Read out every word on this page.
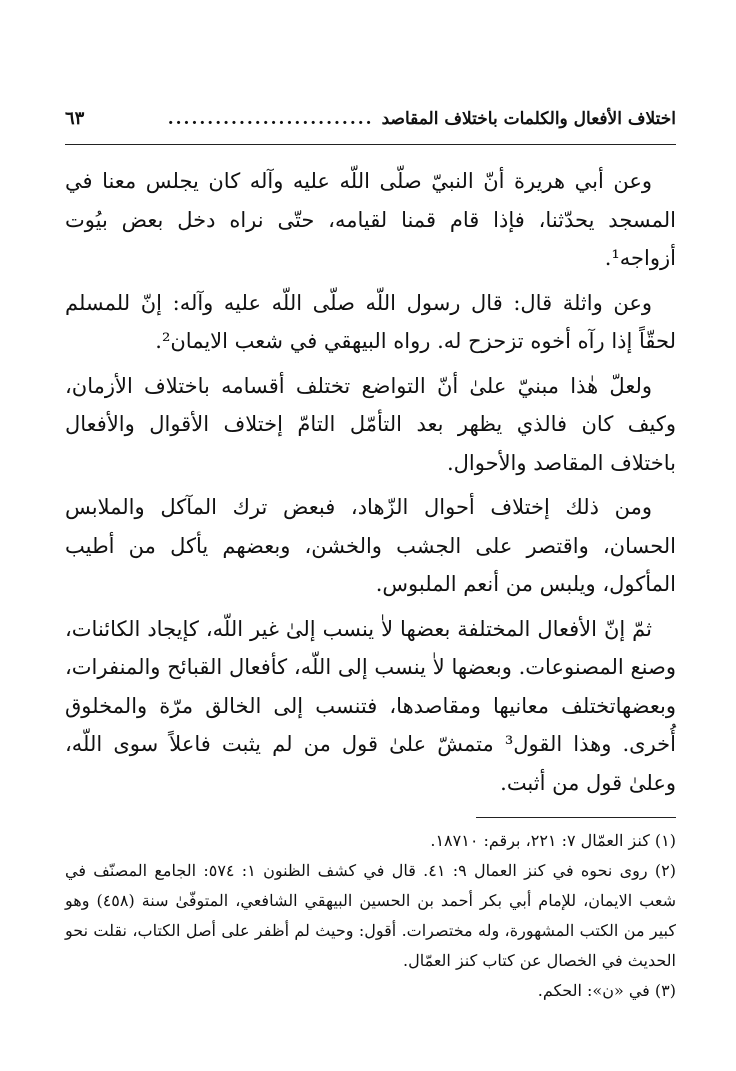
اختلاف الأفعال والكلمات باختلاف المقاصد
..........................
٦٣

وعن أبي هريرة أنّ النبيّ صلّى اللّه عليه وآله كان يجلس معنا في المسجد يحدّثنا، فإذا قام قمنا لقيامه، حتّى نراه دخل بعض بيُوت أزواجه¹.

وعن واثلة قال: قال رسول اللّه صلّى اللّه عليه وآله: إنّ للمسلم لحقّاً إذا رآه أخوه تزحزح له. رواه البيهقي في شعب الايمان².

ولعلّ هٰذا مبنيّ علىٰ أنّ التواضع تختلف أقسامه باختلاف الأزمان، وكيف كان فالذي يظهر بعد التأمّل التامّ إختلاف الأقوال والأفعال باختلاف المقاصد والأحوال.

ومن ذلك إختلاف أحوال الزّهاد، فبعض ترك المآكل والملابس الحسان، واقتصر على الجشب والخشن، وبعضهم يأكل من أطيب المأكول، ويلبس من أنعم الملبوس.

ثمّ إنّ الأفعال المختلفة بعضها لاٰ ينسب إلىٰ غير اللّه، كإيجاد الكائنات، وصنع المصنوعات. وبعضها لاٰ ينسب إلى اللّه، كأفعال القبائح والمنفرات، وبعضهاتختلف معانيها ومقاصدها، فتنسب إلى الخالق مرّة والمخلوق أُخرى. وهذا القول³ متمشّ علىٰ قول من لم يثبت فاعلاً سوى اللّه، وعلىٰ قول من أثبت.

(١) كنز العمّال ٧: ٢٢١، برقم: ١٨٧١٠.

(٢) روى نحوه في كنز العمال ٩: ٤١. قال في كشف الظنون ١: ٥٧٤: الجامع المصنّف في شعب الايمان، للإمام أبي بكر أحمد بن الحسين البيهقي الشافعي، المتوفّىٰ سنة (٤٥٨) وهو كبير من الكتب المشهورة، وله مختصرات. أقول: وحيث لم أظفر على أصل الكتاب، نقلت نحو الحديث في الخصال عن كتاب كنز العمّال.

(٣) في «ن»: الحكم.
